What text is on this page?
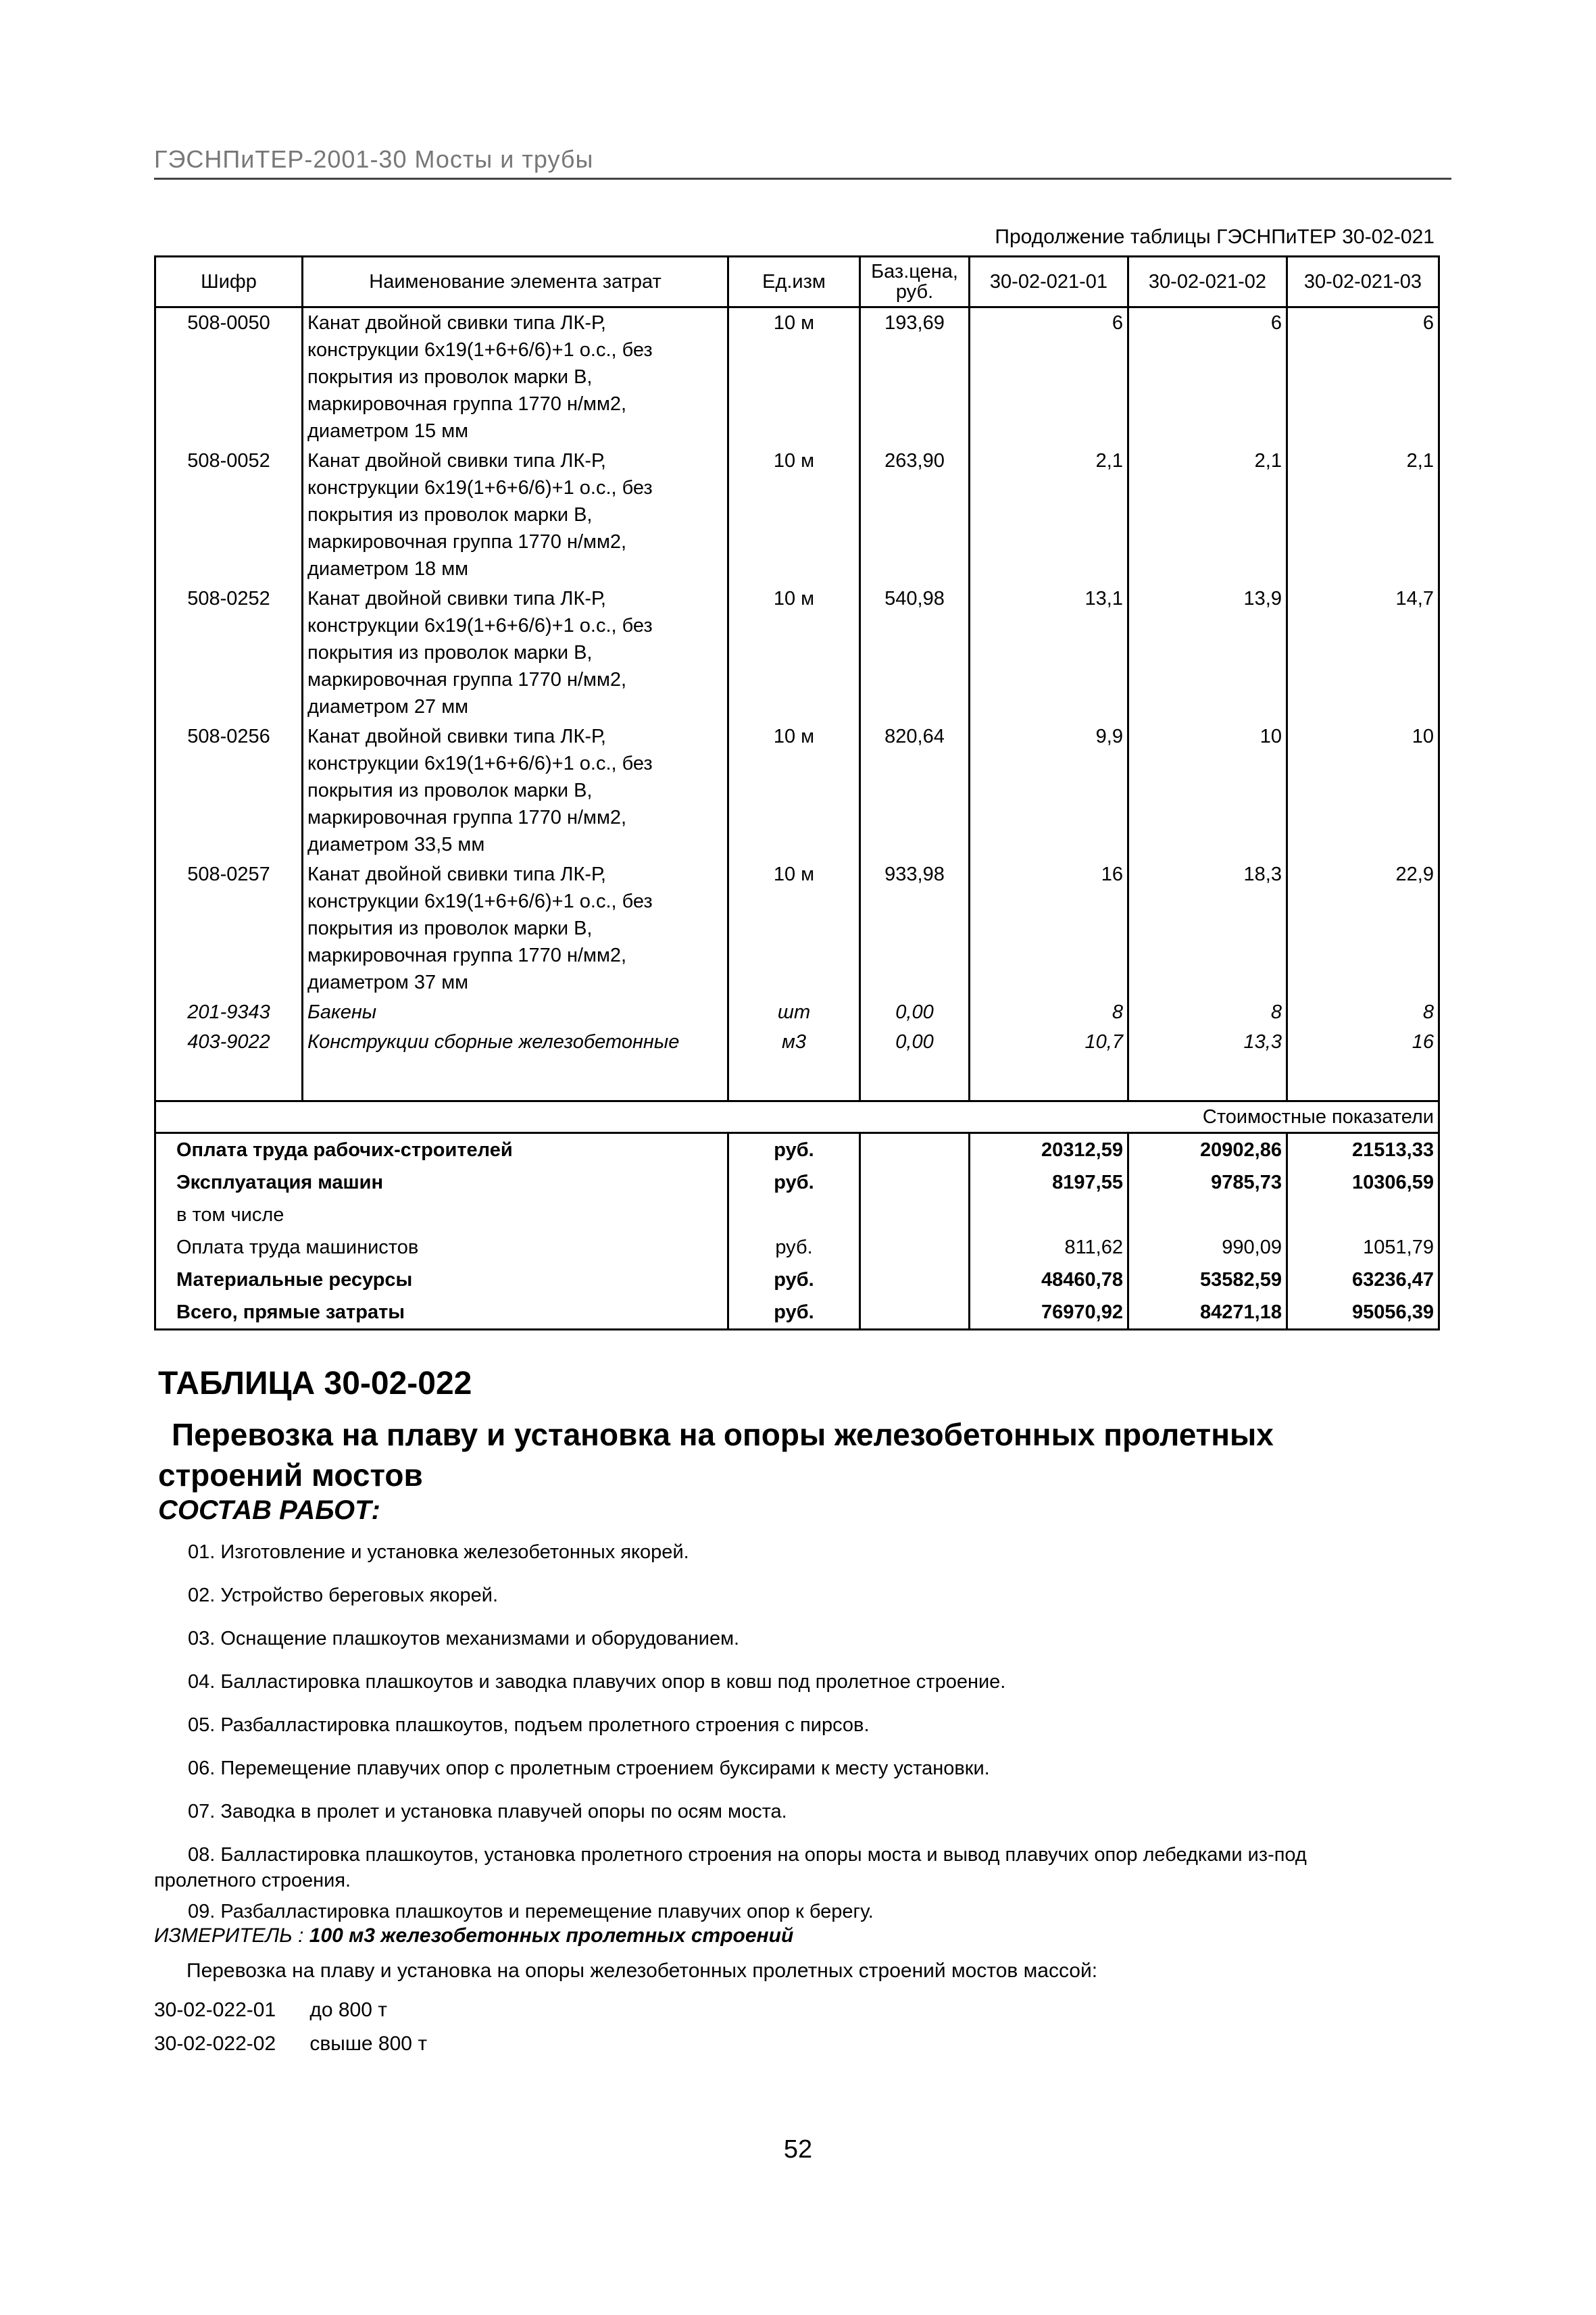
ГЭСНПиТЕР-2001-30 Мосты и трубы
Продолжение таблицы ГЭСНПиТЕР 30-02-021
Шифр	Наименование элемента затрат	Ед.изм	Баз.цена, руб.	30-02-021-01	30-02-021-02	30-02-021-03
508-0050	Канат двойной свивки типа ЛК-Р,
конструкции 6х19(1+6+6/6)+1 о.с., без
покрытия из проволок марки В,
маркировочная группа 1770 н/мм2,
диаметром 15 мм	10 м	193,69	6	6	6
508-0052	Канат двойной свивки типа ЛК-Р,
конструкции 6х19(1+6+6/6)+1 о.с., без
покрытия из проволок марки В,
маркировочная группа 1770 н/мм2,
диаметром 18 мм	10 м	263,90	2,1	2,1	2,1
508-0252	Канат двойной свивки типа ЛК-Р,
конструкции 6х19(1+6+6/6)+1 о.с., без
покрытия из проволок марки В,
маркировочная группа 1770 н/мм2,
диаметром 27 мм	10 м	540,98	13,1	13,9	14,7
508-0256	Канат двойной свивки типа ЛК-Р,
конструкции 6х19(1+6+6/6)+1 о.с., без
покрытия из проволок марки В,
маркировочная группа 1770 н/мм2,
диаметром 33,5 мм	10 м	820,64	9,9	10	10
508-0257	Канат двойной свивки типа ЛК-Р,
конструкции 6х19(1+6+6/6)+1 о.с., без
покрытия из проволок марки В,
маркировочная группа 1770 н/мм2,
диаметром 37 мм	10 м	933,98	16	18,3	22,9
201-9343	Бакены	шт	0,00	8	8	8
403-9022	Конструкции сборные железобетонные	м3	0,00	10,7	13,3	16

				Стоимостные показатели		
Оплата труда рабочих-строителей		руб.		20312,59	20902,86	21513,33
Эксплуатация машин		руб.		8197,55	9785,73	10306,59
в том числе						
Оплата труда машинистов		руб.		811,62	990,09	1051,79
Материальные ресурсы		руб.		48460,78	53582,59	63236,47
Всего, прямые затраты		руб.		76970,92	84271,18	95056,39
ТАБЛИЦА 30-02-022
Перевозка на плаву и установка на опоры железобетонных пролетных
строений мостов
СОСТАВ РАБОТ:
01. Изготовление и установка железобетонных якорей.
02. Устройство береговых якорей.
03. Оснащение плашкоутов механизмами и оборудованием.
04. Балластировка плашкоутов и заводка плавучих опор в ковш под пролетное строение.
05. Разбалластировка плашкоутов, подъем пролетного строения с пирсов.
06. Перемещение плавучих опор с пролетным строением буксирами к месту установки.
07. Заводка в пролет и установка плавучей опоры по осям моста.
08. Балластировка плашкоутов, установка пролетного строения на опоры моста и вывод плавучих опор лебедками из-под
пролетного строения.
09. Разбалластировка плашкоутов и перемещение плавучих опор к берегу.
ИЗМЕРИТЕЛЬ : 100 м3 железобетонных пролетных строений
Перевозка на плаву и установка на опоры железобетонных пролетных строений мостов массой:
30-02-022-01 до 800 т
30-02-022-02 свыше 800 т
52
